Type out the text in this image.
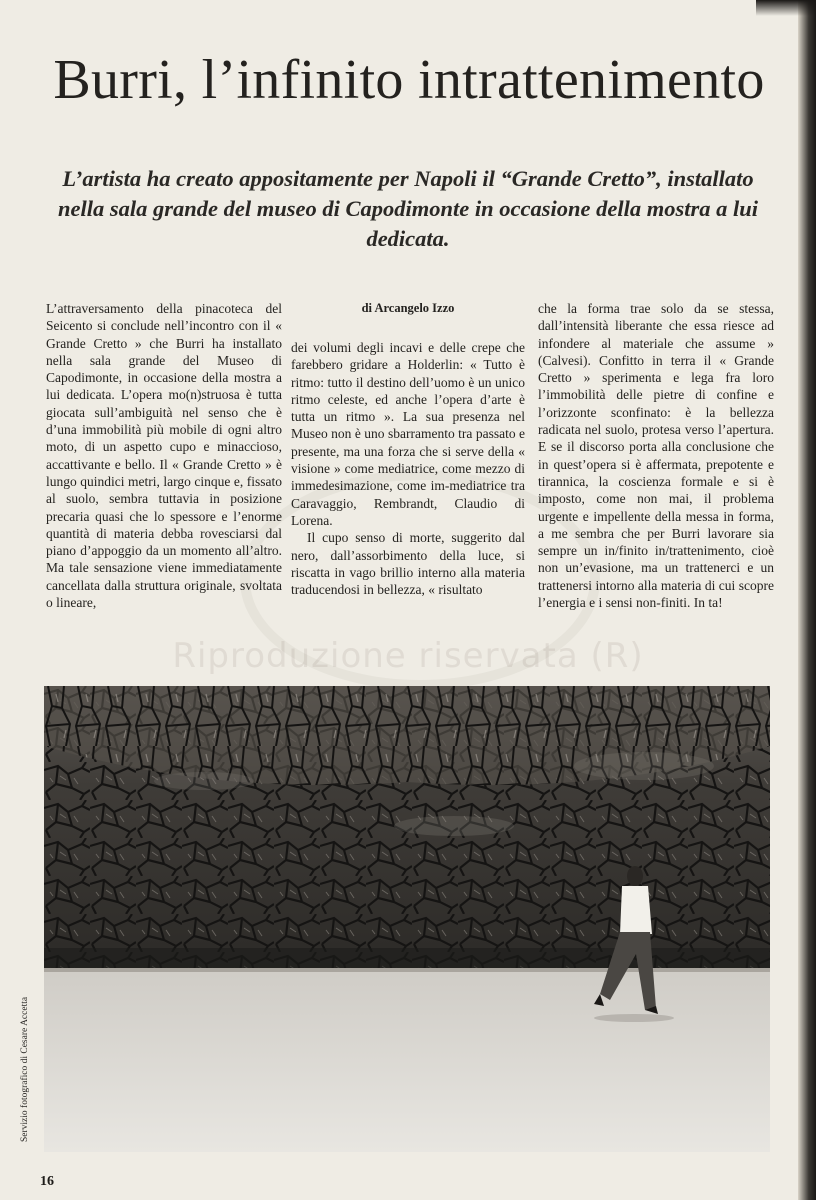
Burri, l’infinito intrattenimento

L’artista ha creato appositamente per Napoli il “Grande Cretto”, installato nella sala grande del museo di Capodimonte in occasione della mostra a lui dedicata.

L’attraversamento della pinacoteca del Seicento si conclude nell’incontro con il « Grande Cretto » che Burri ha installato nella sala grande del Museo di Capodimonte, in occasione della mostra a lui dedicata. L’opera mo(n)struosa è tutta giocata sull’ambiguità nel senso che è d’una immobilità più mobile di ogni altro moto, di un aspetto cupo e minaccioso, accattivante e bello. Il « Grande Cretto » è lungo quindici metri, largo cinque e, fissato al suolo, sembra tuttavia in posizione precaria quasi che lo spessore e l’enorme quantità di materia debba rovesciarsi dal piano d’appoggio da un momento all’altro. Ma tale sensazione viene immediatamente cancellata dalla struttura originale, svoltata o lineare,

di Arcangelo Izzo

dei volumi degli incavi e delle crepe che farebbero gridare a Holderlin: « Tutto è ritmo: tutto il destino dell’uomo è un unico ritmo celeste, ed anche l’opera d’arte è tutta un ritmo ». La sua presenza nel Museo non è uno sbarramento tra passato e presente, ma una forza che si serve della « visione » come mediatrice, come mezzo di immedesimazione, come im-mediatrice tra Caravaggio, Rembrandt, Claudio di Lorena.

Il cupo senso di morte, suggerito dal nero, dall’assorbimento della luce, si riscatta in vago brillio interno alla materia traducendosi in bellezza, « risultato

che la forma trae solo da se stessa, dall’intensità liberante che essa riesce ad infondere al materiale che assume » (Calvesi). Confitto in terra il « Grande Cretto » sperimenta e lega fra loro l’immobilità delle pietre di confine e l’orizzonte sconfinato: è la bellezza radicata nel suolo, protesa verso l’apertura. E se il discorso porta alla conclusione che in quest’opera si è affermata, prepotente e tirannica, la coscienza formale e si è imposto, come non mai, il problema urgente e impellente della messa in forma, a me sembra che per Burri lavorare sia sempre un in/finito in/trattenimento, cioè non un’evasione, ma un trattenerci e un trattenersi intorno alla materia di cui scopre l’energia e i sensi non-finiti. In ta!

Riproduzione riservata (R)

Servizio fotografico di Cesare Accetta

16
